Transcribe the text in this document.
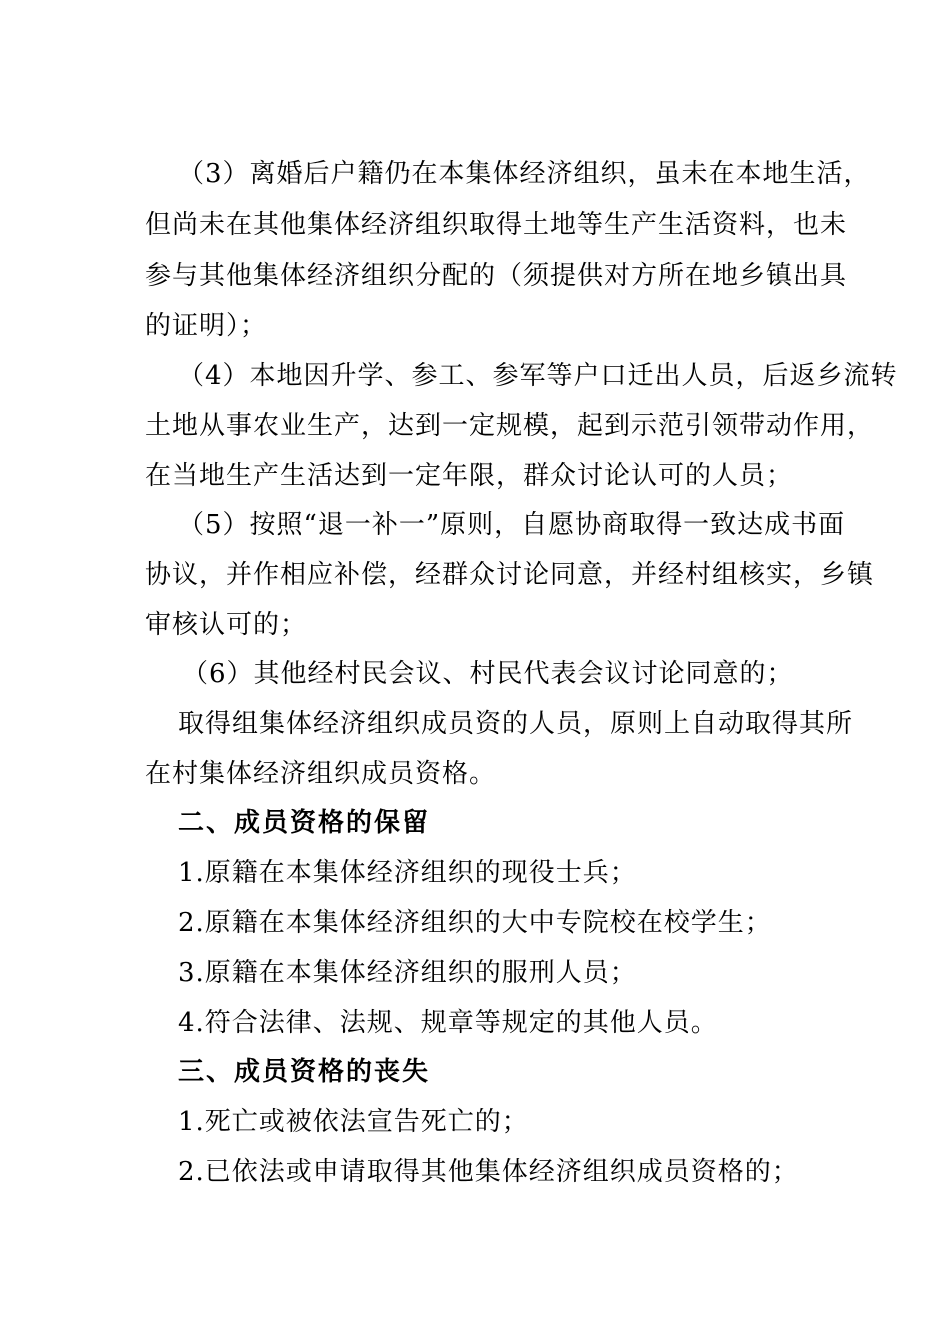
（3）离婚后户籍仍在本集体经济组织，虽未在本地生活，
但尚未在其他集体经济组织取得土地等生产生活资料，也未
参与其他集体经济组织分配的（须提供对方所在地乡镇出具
的证明）；
（4）本地因升学、参工、参军等户口迁出人员，后返乡流转
土地从事农业生产，达到一定规模，起到示范引领带动作用，
在当地生产生活达到一定年限，群众讨论认可的人员；
（5）按照“退一补一”原则，自愿协商取得一致达成书面
协议，并作相应补偿，经群众讨论同意，并经村组核实，乡镇
审核认可的；
（6）其他经村民会议、村民代表会议讨论同意的；
取得组集体经济组织成员资的人员，原则上自动取得其所
在村集体经济组织成员资格。
二、成员资格的保留
1.原籍在本集体经济组织的现役士兵；
2.原籍在本集体经济组织的大中专院校在校学生；
3.原籍在本集体经济组织的服刑人员；
4.符合法律、法规、规章等规定的其他人员。
三、成员资格的丧失
1.死亡或被依法宣告死亡的；
2.已依法或申请取得其他集体经济组织成员资格的；
